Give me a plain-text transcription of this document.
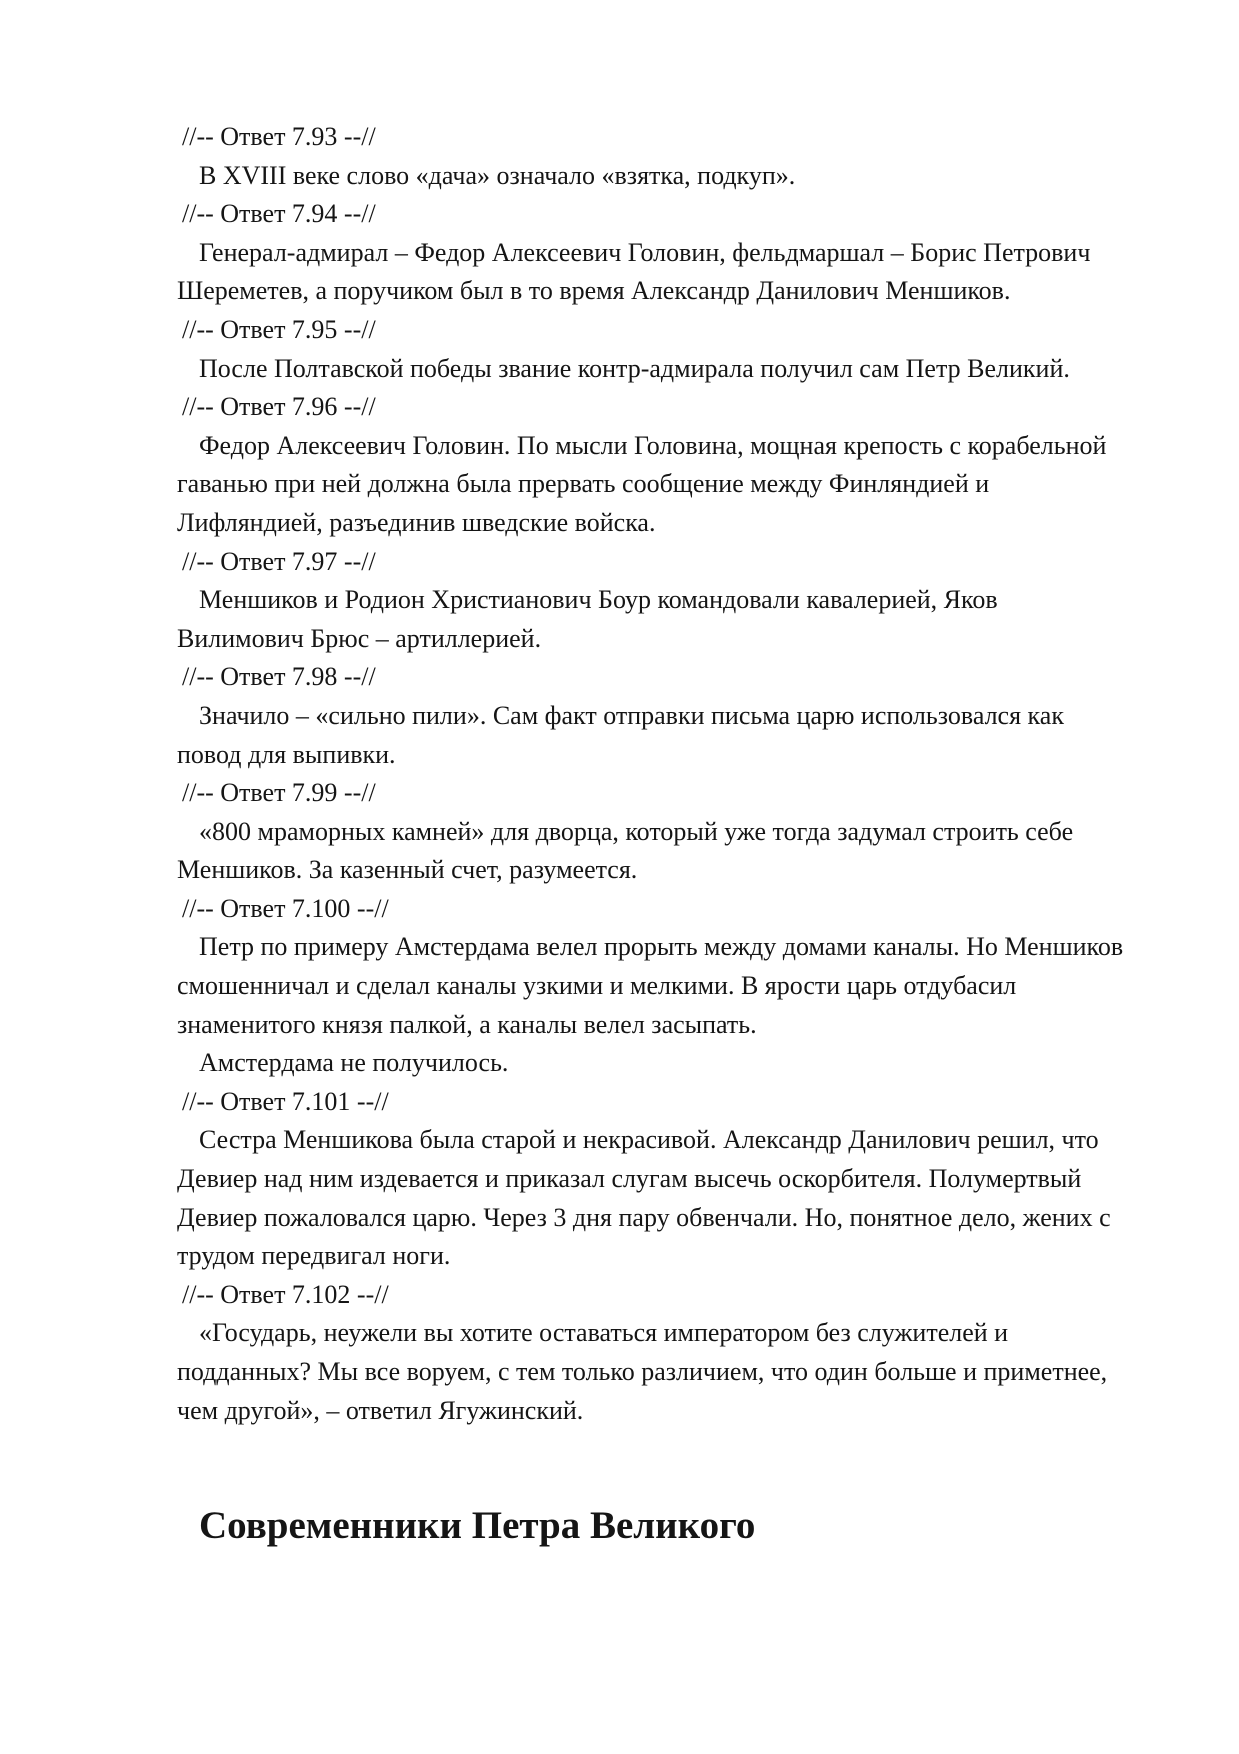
//-- Ответ 7.93 --//

В XVIII веке слово «дача» означало «взятка, подкуп».

//-- Ответ 7.94 --//

Генерал-адмирал – Федор Алексеевич Головин, фельдмаршал – Борис Петрович Шереметев, а поручиком был в то время Александр Данилович Меншиков.

//-- Ответ 7.95 --//

После Полтавской победы звание контр-адмирала получил сам Петр Великий.

//-- Ответ 7.96 --//

Федор Алексеевич Головин. По мысли Головина, мощная крепость с корабельной гаванью при ней должна была прервать сообщение между Финляндией и Лифляндией, разъединив шведские войска.

//-- Ответ 7.97 --//

Меншиков и Родион Христианович Боур командовали кавалерией, Яков Вилимович Брюс – артиллерией.

//-- Ответ 7.98 --//

Значило – «сильно пили». Сам факт отправки письма царю использовался как повод для выпивки.

//-- Ответ 7.99 --//

«800 мраморных камней» для дворца, который уже тогда задумал строить себе Меншиков. За казенный счет, разумеется.

//-- Ответ 7.100 --//

Петр по примеру Амстердама велел прорыть между домами каналы. Но Меншиков смошенничал и сделал каналы узкими и мелкими. В ярости царь отдубасил знаменитого князя палкой, а каналы велел засыпать.

Амстердама не получилось.

//-- Ответ 7.101 --//

Сестра Меншикова была старой и некрасивой. Александр Данилович решил, что Девиер над ним издевается и приказал слугам высечь оскорбителя. Полумертвый Девиер пожаловался царю. Через 3 дня пару обвенчали. Но, понятное дело, жених с трудом передвигал ноги.

//-- Ответ 7.102 --//

«Государь, неужели вы хотите оставаться императором без служителей и подданных? Мы все воруем, с тем только различием, что один больше и приметнее, чем другой», – ответил Ягужинский.

Современники Петра Великого
